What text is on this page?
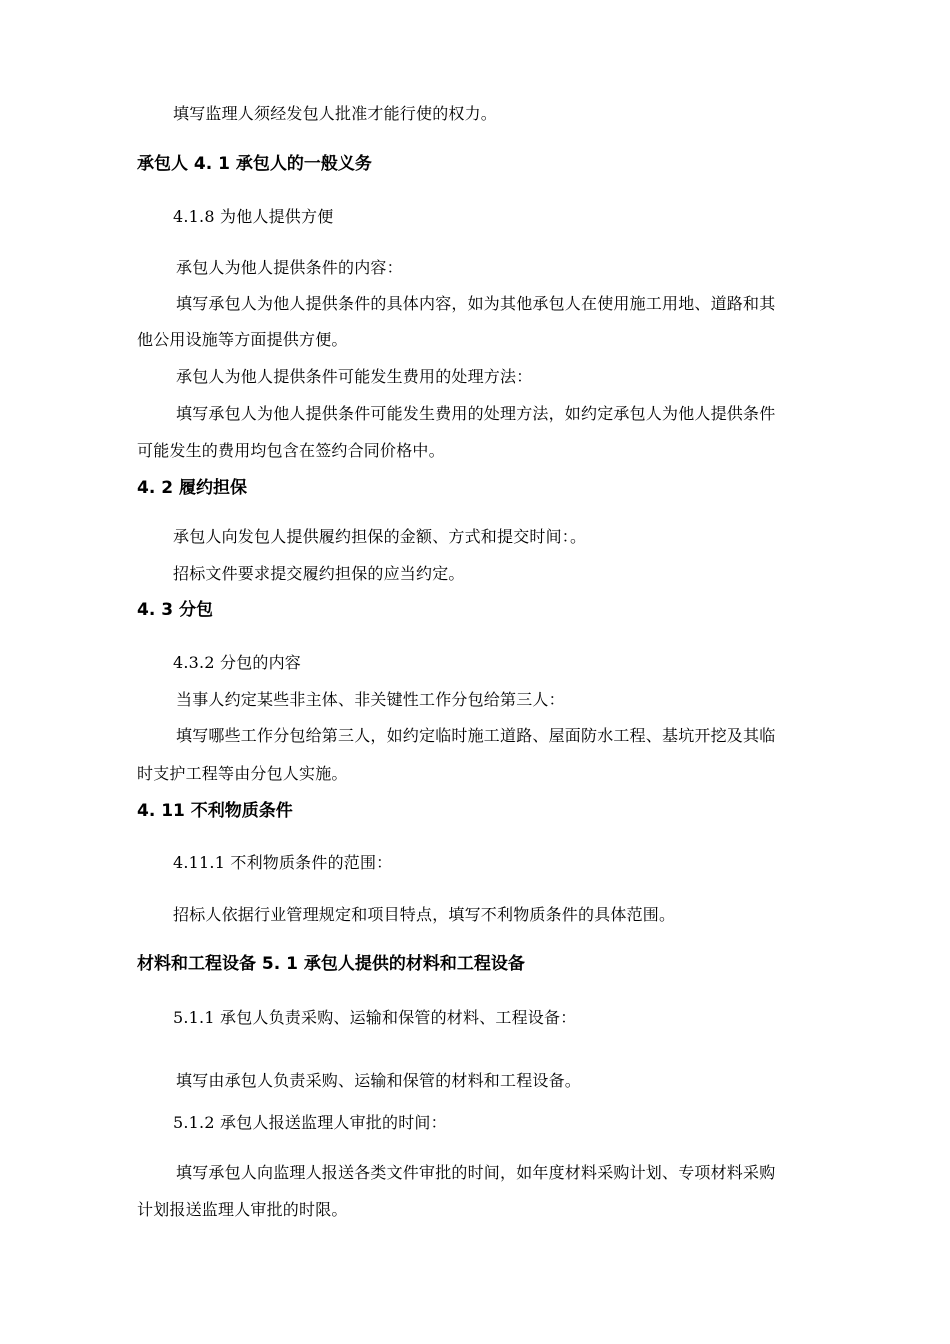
填写监理人须经发包人批准才能行使的权力。
承包人 4. 1 承包人的一般义务
4.1.8 为他人提供方便
承包人为他人提供条件的内容：
填写承包人为他人提供条件的具体内容，如为其他承包人在使用施工用地、道路和其
他公用设施等方面提供方便。
承包人为他人提供条件可能发生费用的处理方法：
填写承包人为他人提供条件可能发生费用的处理方法，如约定承包人为他人提供条件
可能发生的费用均包含在签约合同价格中。
4. 2 履约担保
承包人向发包人提供履约担保的金额、方式和提交时间：。
招标文件要求提交履约担保的应当约定。
4. 3 分包
4.3.2 分包的内容
当事人约定某些非主体、非关键性工作分包给第三人：
填写哪些工作分包给第三人，如约定临时施工道路、屋面防水工程、基坑开挖及其临
时支护工程等由分包人实施。
4. 11 不利物质条件
4.11.1 不利物质条件的范围：
招标人依据行业管理规定和项目特点，填写不利物质条件的具体范围。
材料和工程设备 5. 1 承包人提供的材料和工程设备
5.1.1 承包人负责采购、运输和保管的材料、工程设备：
填写由承包人负责采购、运输和保管的材料和工程设备。
5.1.2 承包人报送监理人审批的时间：
填写承包人向监理人报送各类文件审批的时间，如年度材料采购计划、专项材料采购
计划报送监理人审批的时限。
